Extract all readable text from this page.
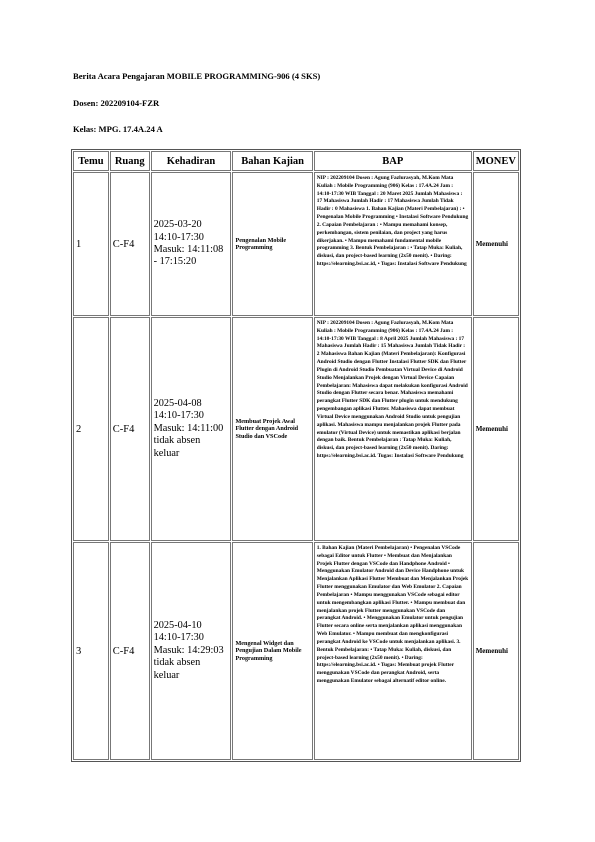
Berita Acara Pengajaran MOBILE PROGRAMMING-906 (4 SKS)
Dosen: 202209104-FZR
Kelas: MPG. 17.4A.24 A
Temu	Ruang	Kehadiran	Bahan Kajian	BAP	MONEV
1	C-F4	2025-03-20 14:10-17:30 Masuk: 14:11:08 - 17:15:20	Pengenalan Mobile Programming	NIP : 202209104 Dosen : Agung Fazlurasyah, M.Kom Mata Kuliah : Mobile Programming (906) Kelas : 17.4A.24 Jam : 14:10-17:30 WIB Tanggal : 20 Maret 2025 Jumlah Mahasiswa : 17 Mahasiswa Jumlah Hadir : 17 Mahasiswa Jumlah Tidak Hadir : 0 Mahasiswa 1. Bahan Kajian (Materi Pembelajaran) : • Pengenalan Mobile Programming • Instalasi Software Pendukung 2. Capaian Pembelajaran : • Mampu memahami konsep, perkembangan, sistem penilaian, dan project yang harus dikerjakan. • Mampu memahami fundamental mobile programming 3. Bentuk Pembelajaran : • Tatap Muka: Kuliah, diskusi, dan project-based learning (2x50 menit). • Daring: https://elearning.bsi.ac.id, • Tugas: Instalasi Software Pendukung	Memenuhi
2	C-F4	2025-04-08 14:10-17:30 Masuk: 14:11:00 tidak absen keluar	Membuat Projek Awal Flutter dengan Android Studio dan VSCode	NIP : 202209104 Dosen : Agung Fazlurasyah, M.Kom Mata Kuliah : Mobile Programming (906) Kelas : 17.4A.24 Jam : 14:10-17:30 WIB Tanggal : 8 April 2025 Jumlah Mahasiswa : 17 Mahasiswa Jumlah Hadir : 15 Mahasiswa Jumlah Tidak Hadir : 2 Mahasiswa Bahan Kajian (Materi Pembelajaran): Konfigurasi Android Studio dengan Flutter Instalasi Flutter SDK dan Flutter Plugin di Android Studio Pembuatan Virtual Device di Android Studio Menjalankan Projek dengan Virtual Device Capaian Pembelajaran: Mahasiswa dapat melakukan konfigurasi Android Studio dengan Flutter secara benar. Mahasiswa memahami perangkat Flutter SDK dan Flutter plugin untuk mendukung pengembangan aplikasi Flutter. Mahasiswa dapat membuat Virtual Device menggunakan Android Studio untuk pengujian aplikasi. Mahasiswa mampu menjalankan projek Flutter pada emulator (Virtual Device) untuk memastikan aplikasi berjalan dengan baik. Bentuk Pembelajaran : Tatap Muka: Kuliah, diskusi, dan project-based learning (2x50 menit). Daring: https://elearning.bsi.ac.id. Tugas: Instalasi Software Pendukung	Memenuhi
3	C-F4	2025-04-10 14:10-17:30 Masuk: 14:29:03 tidak absen keluar	Mengenal Widget dan Pengujian Dalam Mobile Programming	1. Bahan Kajian (Materi Pembelajaran) • Pengenalan VSCode sebagai Editor untuk Flutter • Membuat dan Menjalankan Projek Flutter dengan VSCode dan Handphone Android • Menggunakan Emulator Android dan Device Handphone untuk Menjalankan Aplikasi Flutter Membuat dan Menjalankan Projek Flutter menggunakan Emulator dan Web Emulator 2. Capaian Pembelajaran • Mampu menggunakan VSCode sebagai editor untuk mengembangkan aplikasi Flutter. • Mampu membuat dan menjalankan projek Flutter menggunakan VSCode dan perangkat Android. • Menggunakan Emulator untuk pengujian Flutter secara online serta menjalankan aplikasi menggunakan Web Emulator. • Mampu membuat dan mengkonfigurasi perangkat Android ke VSCode untuk menjalankan aplikasi. 3. Bentuk Pembelajaran: • Tatap Muka: Kuliah, diskusi, dan project-based learning (2x50 menit). • Daring: https://elearning.bsi.ac.id. • Tugas: Membuat projek Flutter menggunakan VSCode dan perangkat Android, serta menggunakan Emulator sebagai alternatif editor online.	Memenuhi
